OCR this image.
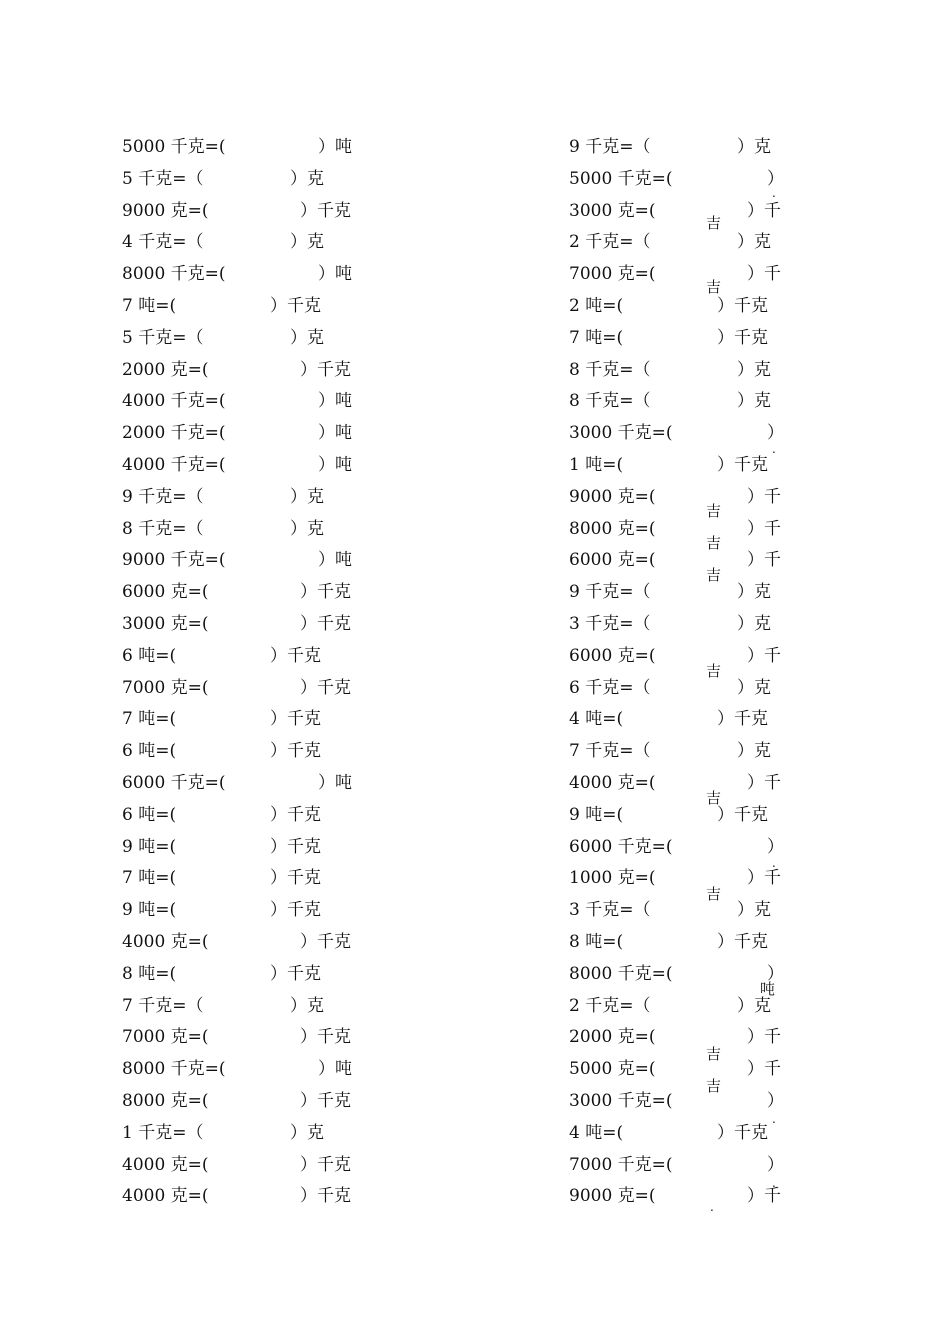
5000 千克=(	）吨
5 千克=（	）克
9000 克=(	）千克
4 千克=（	）克
8000 千克=(	）吨
7 吨=(	）千克
5 千克=（	）克
2000 克=(	）千克
4000 千克=(	）吨
2000 千克=(	）吨
4000 千克=(	）吨
9 千克=（	）克
8 千克=（	）克
9000 千克=(	）吨
6000 克=(	）千克
3000 克=(	）千克
6 吨=(	）千克
7000 克=(	）千克
7 吨=(	）千克
6 吨=(	）千克
6000 千克=(	）吨
6 吨=(	）千克
9 吨=(	）千克
7 吨=(	）千克
9 吨=(	）千克
4000 克=(	）千克
8 吨=(	）千克
7 千克=（	）克
7000 克=(	）千克
8000 千克=(	）吨
8000 克=(	）千克
1 千克=（	）克
4000 克=(	）千克
4000 克=(	）千克
9 千克=（	）克
5000 千克=(	）
3000 克=(	）千
2 千克=（	）克
7000 克=(	）千
2 吨=(	）千克
7 吨=(	）千克
8 千克=（	）克
8 千克=（	）克
3000 千克=(	）
1 吨=(	）千克
9000 克=(	）千
8000 克=(	）千
6000 克=(	）千
9 千克=（	）克
3 千克=（	）克
6000 克=(	）千
6 千克=（	）克
4 吨=(	）千克
7 千克=（	）克
4000 克=(	）千
9 吨=(	）千克
6000 千克=(	）
1000 克=(	）千
3 千克=（	）克
8 吨=(	）千克
8000 千克=(	）
2 千克=（	）克
2000 克=(	）千
5000 克=(	）千
3000 千克=(	）
4 吨=(	）千克
7000 千克=(	）
9000 克=(	）千
吉
吉
吉
吉
吉
吉
吉
吉
吨
吉
吉
.
.
.
.
.
.
